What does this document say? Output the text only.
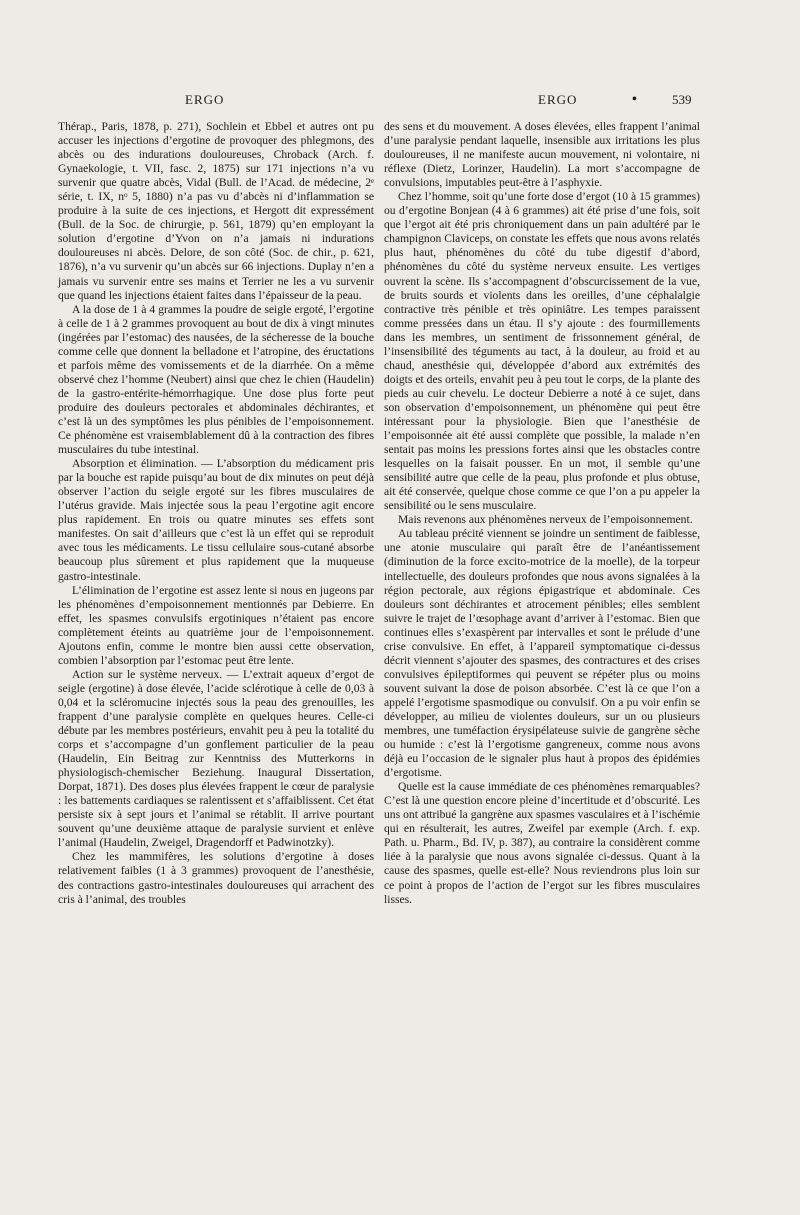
ERGO	ERGO	•	539

Thérap., Paris, 1878, p. 271), Sochlein et Ebbel et autres ont pu accuser les injections d’ergotine de provoquer des phlegmons, des abcès ou des indurations douloureuses, Chroback (Arch. f. Gynaekologie, t. VII, fasc. 2, 1875) sur 171 injections n’a vu survenir que quatre abcès, Vidal (Bull. de l’Acad. de médecine, 2ᵉ série, t. IX, nᵒ 5, 1880) n’a pas vu d’abcès ni d’inflammation se produire à la suite de ces injections, et Hergott dit expressément (Bull. de la Soc. de chirurgie, p. 561, 1879) qu’en employant la solution d’ergotine d’Yvon on n’a jamais ni indurations douloureuses ni abcès. Delore, de son côté (Soc. de chir., p. 621, 1876), n’a vu survenir qu’un abcès sur 66 injections. Duplay n’en a jamais vu survenir entre ses mains et Terrier ne les a vu survenir que quand les injections étaient faites dans l’épaisseur de la peau.

A la dose de 1 à 4 grammes la poudre de seigle ergoté, l’ergotine à celle de 1 à 2 grammes provoquent au bout de dix à vingt minutes (ingérées par l’estomac) des nausées, de la sécheresse de la bouche comme celle que donnent la belladone et l’atropine, des éructations et parfois même des vomissements et de la diarrhée. On a même observé chez l’homme (Neubert) ainsi que chez le chien (Haudelin) de la gastro-entérite-hémorrhagique. Une dose plus forte peut produire des douleurs pectorales et abdominales déchirantes, et c’est là un des symptômes les plus pénibles de l’empoisonnement. Ce phénomène est vraisemblablement dû à la contraction des fibres musculaires du tube intestinal.

Absorption et élimination. — L’absorption du médicament pris par la bouche est rapide puisqu’au bout de dix minutes on peut déjà observer l’action du seigle ergoté sur les fibres musculaires de l’utérus gravide. Mais injectée sous la peau l’ergotine agit encore plus rapidement. En trois ou quatre minutes ses effets sont manifestes. On sait d’ailleurs que c’est là un effet qui se reproduit avec tous les médicaments. Le tissu cellulaire sous-cutané absorbe beaucoup plus sûrement et plus rapidement que la muqueuse gastro-intestinale.

L’élimination de l’ergotine est assez lente si nous en jugeons par les phénomènes d’empoisonnement mentionnés par Debierre. En effet, les spasmes convulsifs ergotiniques n’étaient pas encore complètement éteints au quatrième jour de l’empoisonnement. Ajoutons enfin, comme le montre bien aussi cette observation, combien l’absorption par l’estomac peut être lente.

Action sur le système nerveux. — L’extrait aqueux d’ergot de seigle (ergotine) à dose élevée, l’acide sclérotique à celle de 0,03 à 0,04 et la scléromucine injectés sous la peau des grenouilles, les frappent d’une paralysie complète en quelques heures. Celle-ci débute par les membres postérieurs, envahit peu à peu la totalité du corps et s’accompagne d’un gonflement particulier de la peau (Haudelin, Ein Beitrag zur Kenntniss des Mutterkorns in physiologisch-chemischer Beziehung. Inaugural Dissertation, Dorpat, 1871). Des doses plus élevées frappent le cœur de paralysie : les battements cardiaques se ralentissent et s’affaiblissent. Cet état persiste six à sept jours et l’animal se rétablit. Il arrive pourtant souvent qu’une deuxième attaque de paralysie survient et enlève l’animal (Haudelin, Zweigel, Dragendorff et Padwinotzky).

Chez les mammifères, les solutions d’ergotine à doses relativement faibles (1 à 3 grammes) provoquent de l’anesthésie, des contractions gastro-intestinales douloureuses qui arrachent des cris à l’animal, des troubles

des sens et du mouvement. A doses élevées, elles frappent l’animal d’une paralysie pendant laquelle, insensible aux irritations les plus douloureuses, il ne manifeste aucun mouvement, ni volontaire, ni réflexe (Dietz, Lorinzer, Haudelin). La mort s’accompagne de convulsions, imputables peut-être à l’asphyxie.

Chez l’homme, soit qu’une forte dose d’ergot (10 à 15 grammes) ou d’ergotine Bonjean (4 à 6 grammes) ait été prise d’une fois, soit que l’ergot ait été pris chroniquement dans un pain adultéré par le champignon Claviceps, on constate les effets que nous avons relatés plus haut, phénomènes du côté du tube digestif d’abord, phénomènes du côté du système nerveux ensuite. Les vertiges ouvrent la scène. Ils s’accompagnent d’obscurcissement de la vue, de bruits sourds et violents dans les oreilles, d’une céphalalgie contractive très pénible et très opiniâtre. Les tempes paraissent comme pressées dans un étau. Il s’y ajoute : des fourmillements dans les membres, un sentiment de frissonnement général, de l’insensibilité des téguments au tact, à la douleur, au froid et au chaud, anesthésie qui, développée d’abord aux extrémités des doigts et des orteils, envahit peu à peu tout le corps, de la plante des pieds au cuir chevelu. Le docteur Debierre a noté à ce sujet, dans son observation d’empoisonnement, un phénomène qui peut être intéressant pour la physiologie. Bien que l’anesthésie de l’empoisonnée ait été aussi complète que possible, la malade n’en sentait pas moins les pressions fortes ainsi que les obstacles contre lesquelles on la faisait pousser. En un mot, il semble qu’une sensibilité autre que celle de la peau, plus profonde et plus obtuse, ait été conservée, quelque chose comme ce que l’on a pu appeler la sensibilité ou le sens musculaire.

Mais revenons aux phénomènes nerveux de l’empoisonnement.

Au tableau précité viennent se joindre un sentiment de faiblesse, une atonie musculaire qui paraît être de l’anéantissement (diminution de la force excito-motrice de la moelle), de la torpeur intellectuelle, des douleurs profondes que nous avons signalées à la région pectorale, aux régions épigastrique et abdominale. Ces douleurs sont déchirantes et atrocement pénibles; elles semblent suivre le trajet de l’œsophage avant d’arriver à l’estomac. Bien que continues elles s’exaspèrent par intervalles et sont le prélude d’une crise convulsive. En effet, à l’appareil symptomatique ci-dessus décrit viennent s’ajouter des spasmes, des contractures et des crises convulsives épileptiformes qui peuvent se répéter plus ou moins souvent suivant la dose de poison absorbée. C’est là ce que l’on a appelé l’ergotisme spasmodique ou convulsif. On a pu voir enfin se développer, au milieu de violentes douleurs, sur un ou plusieurs membres, une tuméfaction érysipélateuse suivie de gangrène sèche ou humide : c’est là l’ergotisme gangreneux, comme nous avons déjà eu l’occasion de le signaler plus haut à propos des épidémies d’ergotisme.

Quelle est la cause immédiate de ces phénomènes remarquables? C’est là une question encore pleine d’incertitude et d’obscurité. Les uns ont attribué la gangrène aux spasmes vasculaires et à l’ischémie qui en résulterait, les autres, Zweifel par exemple (Arch. f. exp. Path. u. Pharm., Bd. IV, p. 387), au contraire la considèrent comme liée à la paralysie que nous avons signalée ci-dessus. Quant à la cause des spasmes, quelle est-elle? Nous reviendrons plus loin sur ce point à propos de l’action de l’ergot sur les fibres musculaires lisses.
